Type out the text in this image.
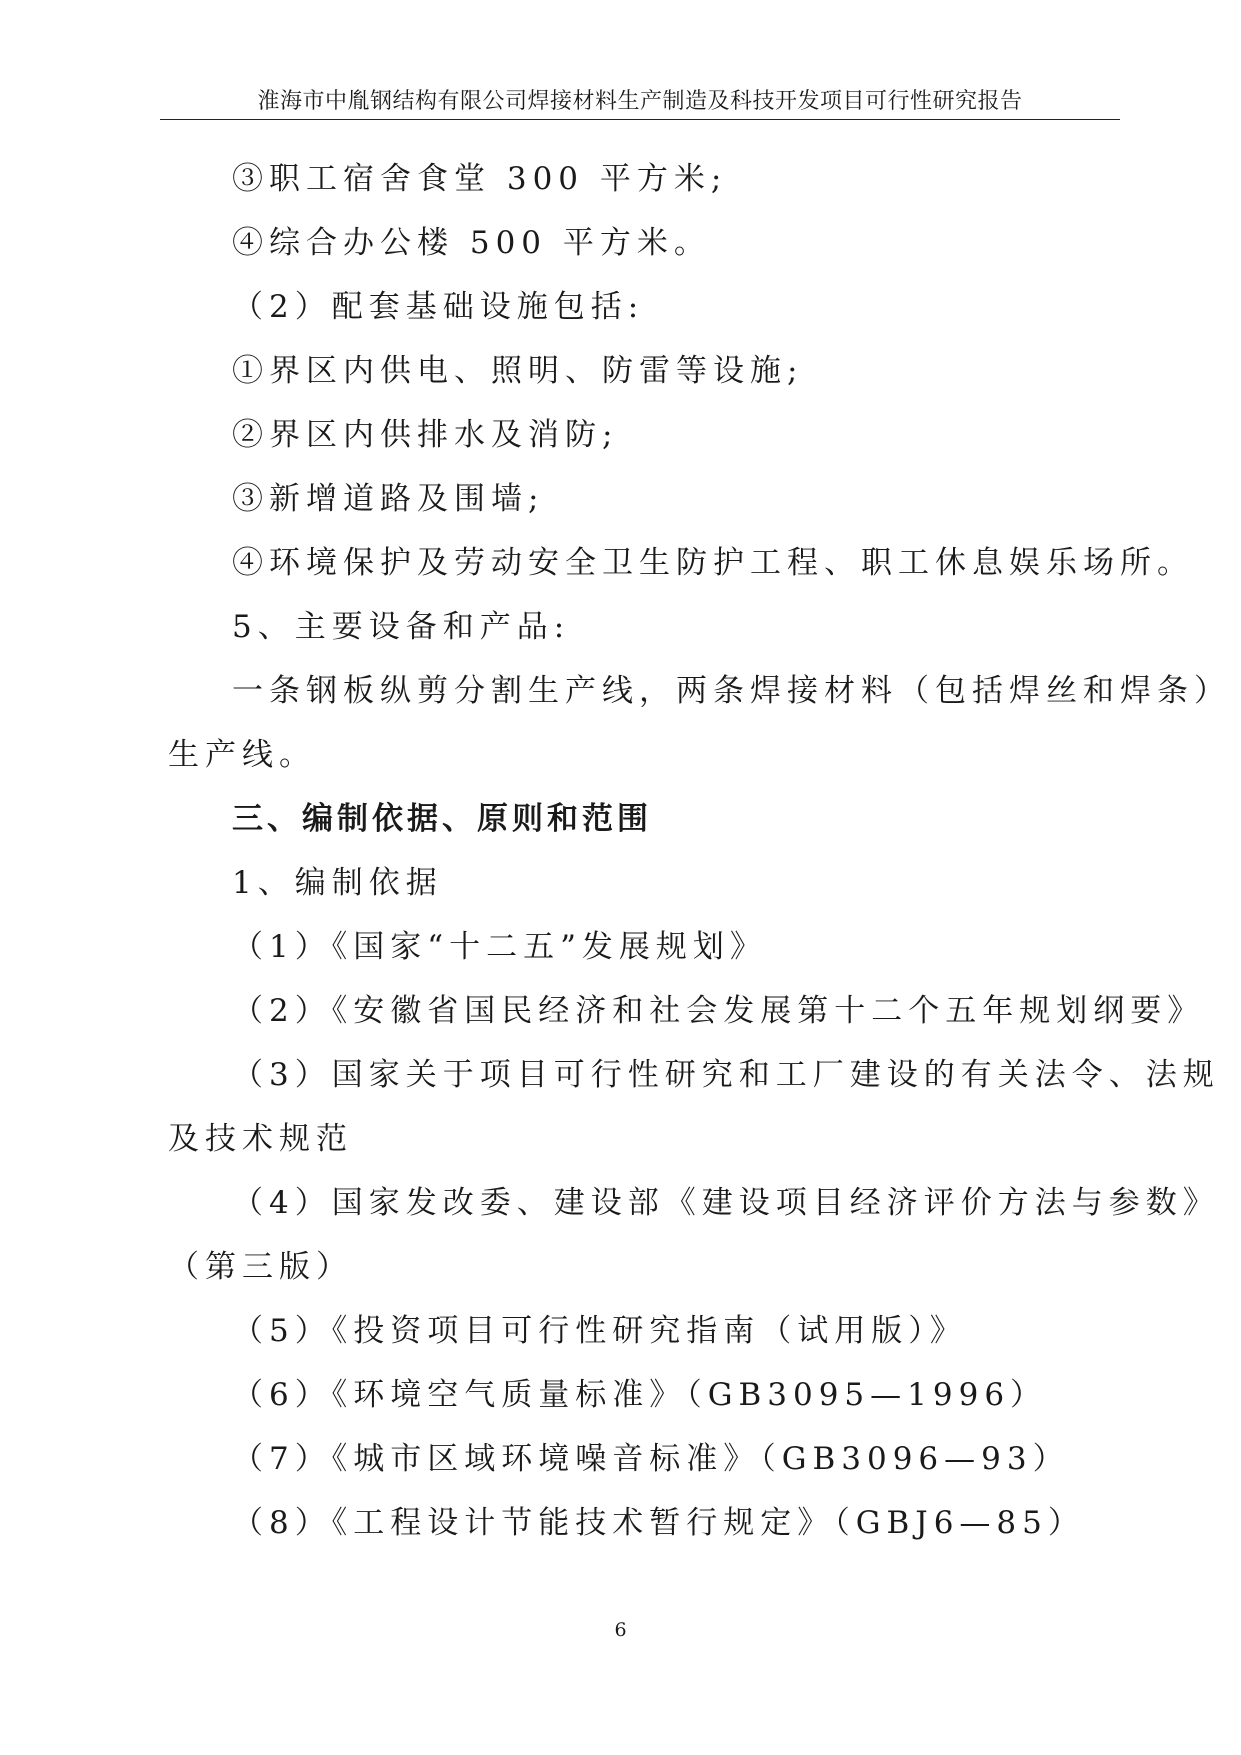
淮海市中胤钢结构有限公司焊接材料生产制造及科技开发项目可行性研究报告
③职工宿舍食堂 300 平方米;
④综合办公楼 500 平方米。
（2）配套基础设施包括:
①界区内供电、照明、防雷等设施;
②界区内供排水及消防;
③新增道路及围墙;
④环境保护及劳动安全卫生防护工程、职工休息娱乐场所。
5、主要设备和产品:
一条钢板纵剪分割生产线，两条焊接材料（包括焊丝和焊条）
生产线。
三、编制依据、原则和范围
1、编制依据
（1）《国家“十二五”发展规划》
（2）《安徽省国民经济和社会发展第十二个五年规划纲要》
（3）国家关于项目可行性研究和工厂建设的有关法令、法规
及技术规范
（4）国家发改委、建设部《建设项目经济评价方法与参数》
（第三版）
（5）《投资项目可行性研究指南（试用版）》
（6）《环境空气质量标准》（GB3095—1996）
（7）《城市区域环境噪音标准》（GB3096—93）
（8）《工程设计节能技术暂行规定》（GBJ6—85）
6
